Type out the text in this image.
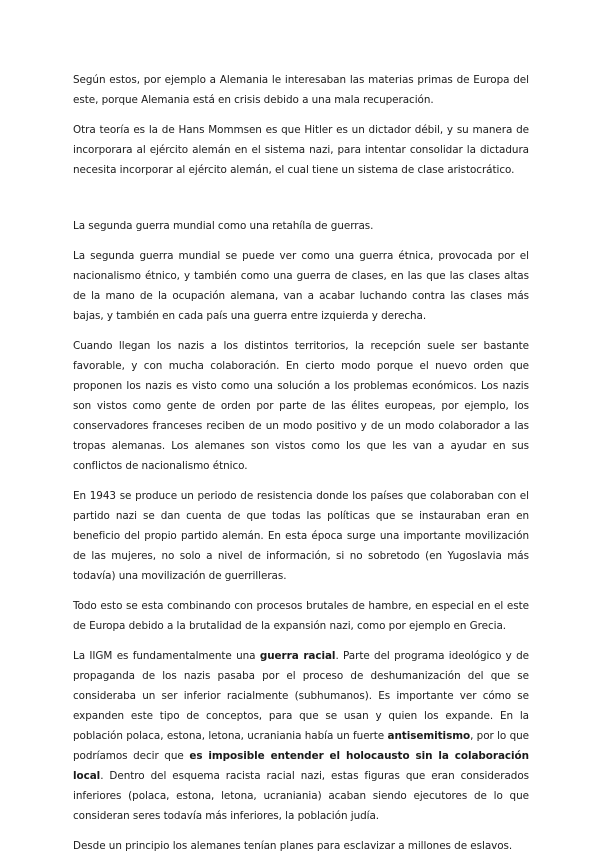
Según estos, por ejemplo a Alemania le interesaban las materias primas de Europa del este, porque Alemania está en crisis debido a una mala recuperación.

Otra teoría es la de Hans Mommsen es que Hitler es un dictador débil, y su manera de incorporara al ejército alemán en el sistema nazi, para intentar consolidar la dictadura necesita incorporar al ejército alemán, el cual tiene un sistema de clase aristocrático.

La segunda guerra mundial como una retahíla de guerras.

La segunda guerra mundial se puede ver como una guerra étnica, provocada por el nacionalismo étnico, y también como una guerra de clases, en las que las clases altas de la mano de la ocupación alemana, van a acabar luchando contra las clases más bajas, y también en cada país una guerra entre izquierda y derecha.

Cuando llegan los nazis a los distintos territorios, la recepción suele ser bastante favorable, y con mucha colaboración. En cierto modo porque el nuevo orden que proponen los nazis es visto como una solución a los problemas económicos. Los nazis son vistos como gente de orden por parte de las élites europeas, por ejemplo, los conservadores franceses reciben de un modo positivo y de un modo colaborador a las tropas alemanas. Los alemanes son vistos como los que les van a ayudar en sus conflictos de nacionalismo étnico.

En 1943 se produce un periodo de resistencia donde los países que colaboraban con el partido nazi se dan cuenta de que todas las políticas que se instauraban eran en beneficio del propio partido alemán. En esta época surge una importante movilización de las mujeres, no solo a nivel de información, si no sobretodo (en Yugoslavia más todavía) una movilización de guerrilleras.

Todo esto se esta combinando con procesos brutales de hambre, en especial en el este de Europa debido a la brutalidad de la expansión nazi, como por ejemplo en Grecia.

La IIGM es fundamentalmente una guerra racial. Parte del programa ideológico y de propaganda de los nazis pasaba por el proceso de deshumanización del que se consideraba un ser inferior racialmente (subhumanos). Es importante ver cómo se expanden este tipo de conceptos, para que se usan y quien los expande. En la población polaca, estona, letona, ucraniania había un fuerte antisemitismo, por lo que podríamos decir que es imposible entender el holocausto sin la colaboración local. Dentro del esquema racista racial nazi, estas figuras que eran considerados inferiores (polaca, estona, letona, ucraniania) acaban siendo ejecutores de lo que consideran seres todavía más inferiores, la población judía.

Desde un principio los alemanes tenían planes para esclavizar a millones de eslavos.
